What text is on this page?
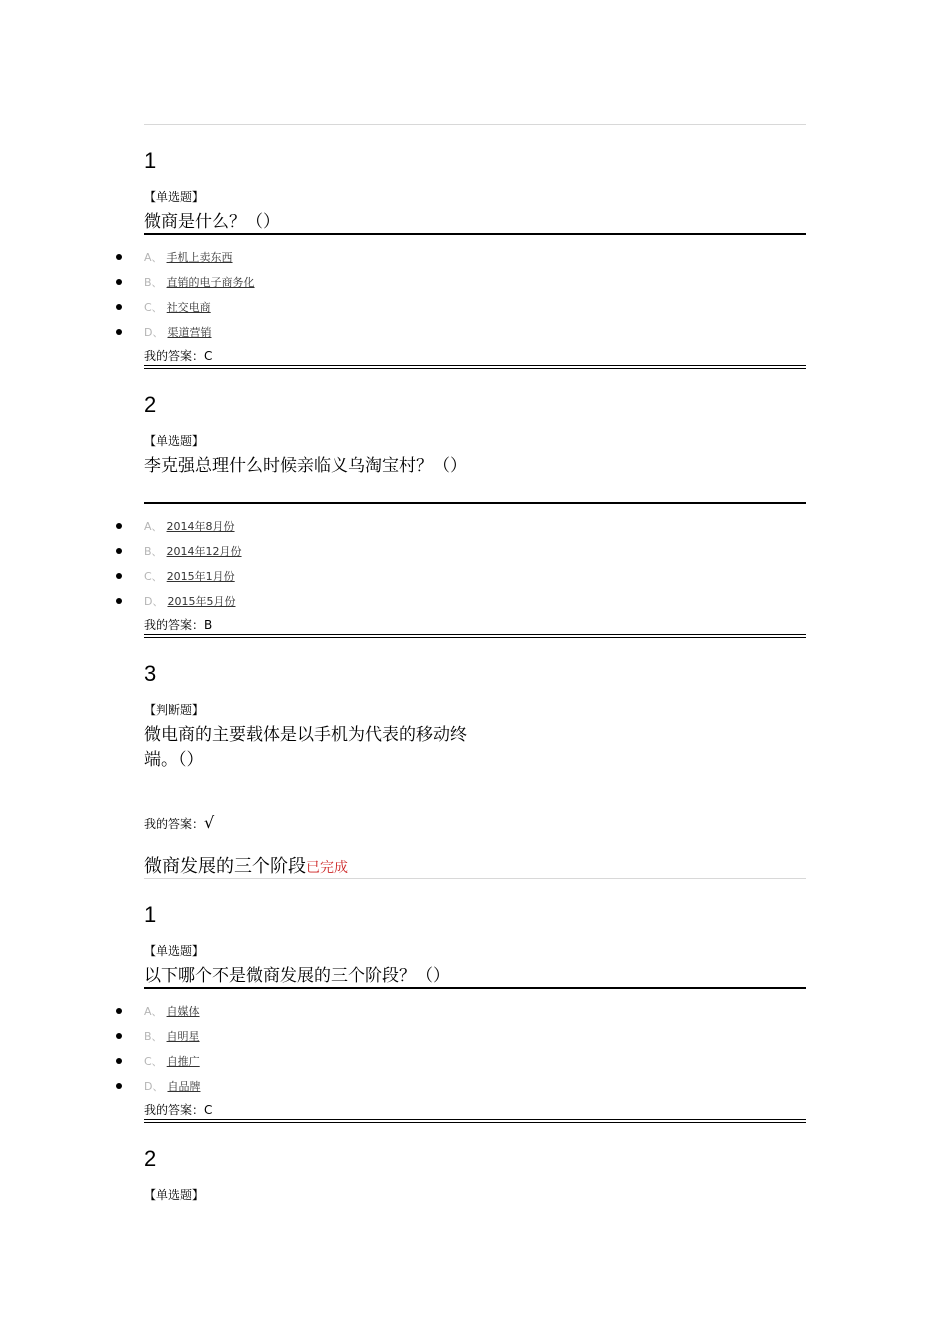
1
【单选题】
微商是什么？（）
A、 手机上卖东西
B、 直销的电子商务化
C、 社交电商
D、 渠道营销
我的答案：C
2
【单选题】
李克强总理什么时候亲临义乌淘宝村？（）
A、 2014年8月份
B、 2014年12月份
C、 2015年1月份
D、 2015年5月份
我的答案：B
3
【判断题】
微电商的主要载体是以手机为代表的移动终
端。（）
我的答案：√
微商发展的三个阶段已完成
1
【单选题】
以下哪个不是微商发展的三个阶段？（）
A、 自媒体
B、 自明星
C、 自推广
D、 自品牌
我的答案：C
2
【单选题】
